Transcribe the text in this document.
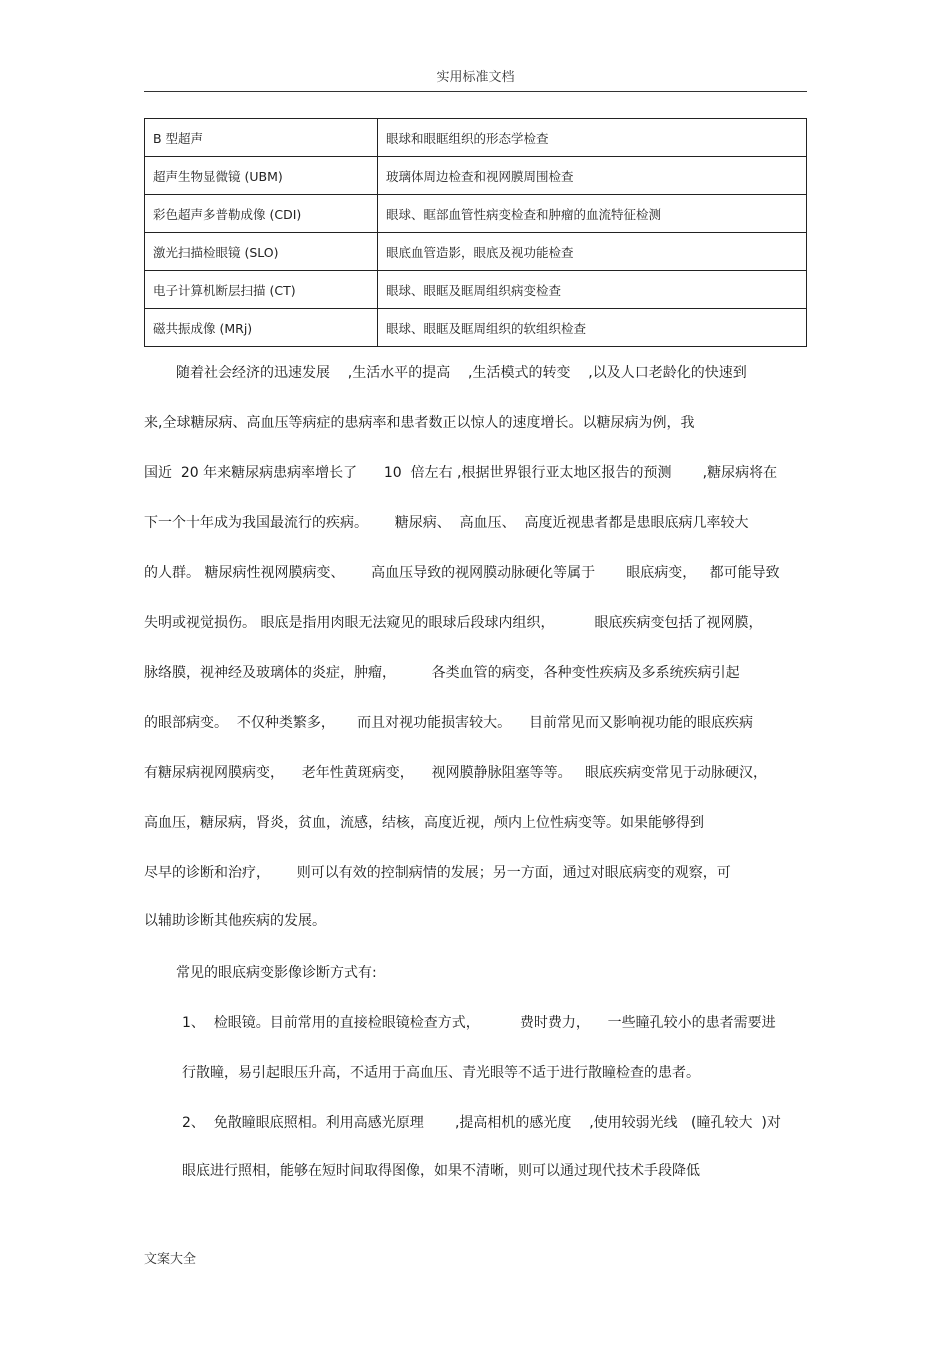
实用标准文档
B 型超声	眼球和眼眶组织的形态学检查
超声生物显微镜 (UBM)	玻璃体周边检查和视网膜周围检查
彩色超声多普勒成像 (CDI)	眼球、眶部血管性病变检查和肿瘤的血流特征检测
激光扫描检眼镜 (SLO)	眼底血管造影，眼底及视功能检查
电子计算机断层扫描 (CT)	眼球、眼眶及眶周组织病变检查
磁共振成像 (MRj)	眼球、眼眶及眶周组织的软组织检查
随着社会经济的迅速发展    ,生活水平的提高    ,生活模式的转变    ,以及人口老龄化的快速到
来,全球糖尿病、高血压等病症的患病率和患者数正以惊人的速度增长。以糖尿病为例，我
国近  20 年来糖尿病患病率增长了      10  倍左右 ,根据世界银行亚太地区报告的预测       ,糖尿病将在
下一个十年成为我国最流行的疾病。      糖尿病、  高血压、  高度近视患者都是患眼底病几率较大
的人群。 糖尿病性视网膜病变、      高血压导致的视网膜动脉硬化等属于       眼底病变，   都可能导致
失明或视觉损伤。 眼底是指用肉眼无法窥见的眼球后段球内组织，         眼底疾病变包括了视网膜，
脉络膜，视神经及玻璃体的炎症，肿瘤，        各类血管的病变，各种变性疾病及多系统疾病引起
的眼部病变。  不仅种类繁多，     而且对视功能损害较大。    目前常见而又影响视功能的眼底疾病
有糖尿病视网膜病变，    老年性黄斑病变，    视网膜静脉阻塞等等。   眼底疾病变常见于动脉硬汉，
高血压，糖尿病，肾炎，贫血，流感，结核，高度近视，颅内上位性病变等。如果能够得到
尽早的诊断和治疗，      则可以有效的控制病情的发展；另一方面，通过对眼底病变的观察，可
以辅助诊断其他疾病的发展。
常见的眼底病变影像诊断方式有:
1、  检眼镜。目前常用的直接检眼镜检查方式，         费时费力，    一些瞳孔较小的患者需要进
行散瞳，易引起眼压升高，不适用于高血压、青光眼等不适于进行散瞳检查的患者。
2、  免散瞳眼底照相。利用高感光原理       ,提高相机的感光度    ,使用较弱光线   (瞳孔较大  )对
眼底进行照相，能够在短时间取得图像，如果不清晰，则可以通过现代技术手段降低
文案大全
